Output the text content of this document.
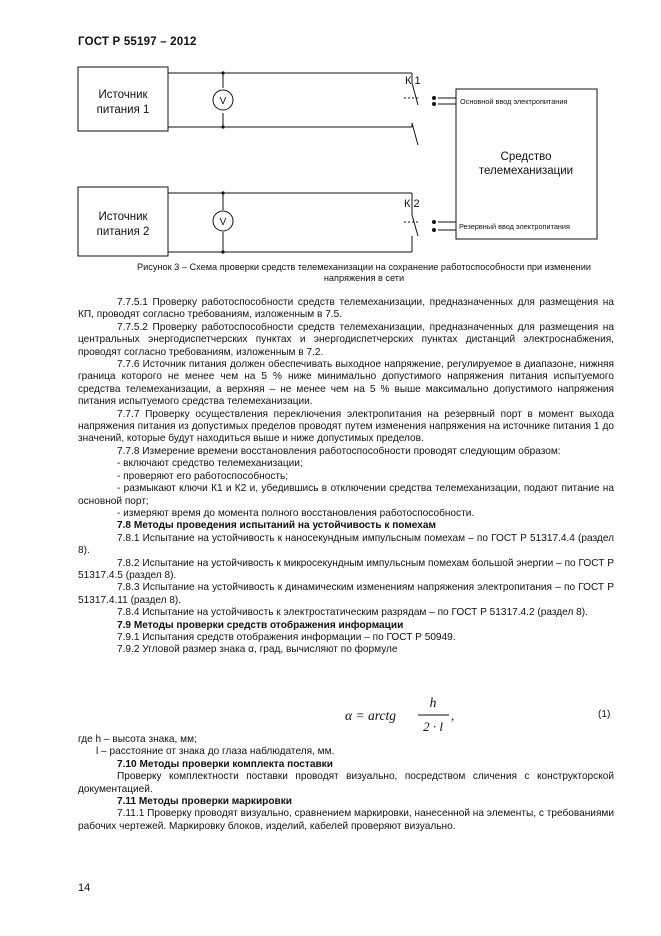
ГОСТ Р 55197 – 2012
Источник
питания 1
Источник
питания 2
V
V
К 1
К 2
Основной ввод электропитания
Резервный ввод электропитания
Средство
телемеханизации
Рисунок 3 – Схема проверки средств телемеханизации на сохранение работоспособности при изменении
напряжения в сети

7.7.5.1 Проверку работоспособности средств телемеханизации, предназначенных для размещения на КП, проводят согласно требованиям, изложенным в 7.5.

7.7.5.2 Проверку работоспособности средств телемеханизации, предназначенных для размещения на центральных энергодиспетчерских пунктах и энергодиспетчерских пунктах дистанций электроснабжения, проводят согласно требованиям, изложенным в 7.2.

7.7.6 Источник питания должен обеспечивать выходное напряжение, регулируемое в диапазоне, нижняя граница которого не менее чем на 5 % ниже минимально допустимого напряжения питания испытуемого средства телемеханизации, а верхняя – не менее чем на 5 % выше максимально допустимого напряжения питания испытуемого средства телемеханизации.

7.7.7 Проверку осуществления переключения электропитания на резервный порт в момент выхода напряжения питания из допустимых пределов проводят путем изменения напряжения на источнике питания 1 до значений, которые будут находиться выше и ниже допустимых пределов.

7.7.8 Измерение времени восстановления работоспособности проводят следующим образом:

- включают средство телемеханизации;

- проверяют его работоспособность;

- размыкают ключи К1 и К2 и, убедившись в отключении средства телемеханизации, подают питание на основной порт;

- измеряют время до момента полного восстановления работоспособности.

7.8 Методы проведения испытаний на устойчивость к помехам

7.8.1 Испытание на устойчивость к наносекундным импульсным помехам – по ГОСТ Р 51317.4.4 (раздел 8).

7.8.2 Испытание на устойчивость к микросекундным импульсным помехам большой энергии – по ГОСТ Р 51317.4.5 (раздел 8).

7.8.3 Испытание на устойчивость к динамическим изменениям напряжения электропитания – по ГОСТ Р 51317.4.11 (раздел 8).

7.8.4 Испытание на устойчивость к электростатическим разрядам – по ГОСТ Р 51317.4.2 (раздел 8).

7.9 Методы проверки средств отображения информации

7.9.1 Испытания средств отображения информации – по ГОСТ Р 50949.

7.9.2 Угловой размер знака α, град, вычисляют по формуле

α = arctg
h
2 · l
,	(1)

где h – высота знака, мм;

l – расстояние от знака до глаза наблюдателя, мм.

7.10 Методы проверки комплекта поставки

Проверку комплектности поставки проводят визуально, посредством сличения с конструкторской документацией.

7.11 Методы проверки маркировки

7.11.1 Проверку проводят визуально, сравнением маркировки, нанесенной на элементы, с требованиями рабочих чертежей. Маркировку блоков, изделий, кабелей проверяют визуально.

14
